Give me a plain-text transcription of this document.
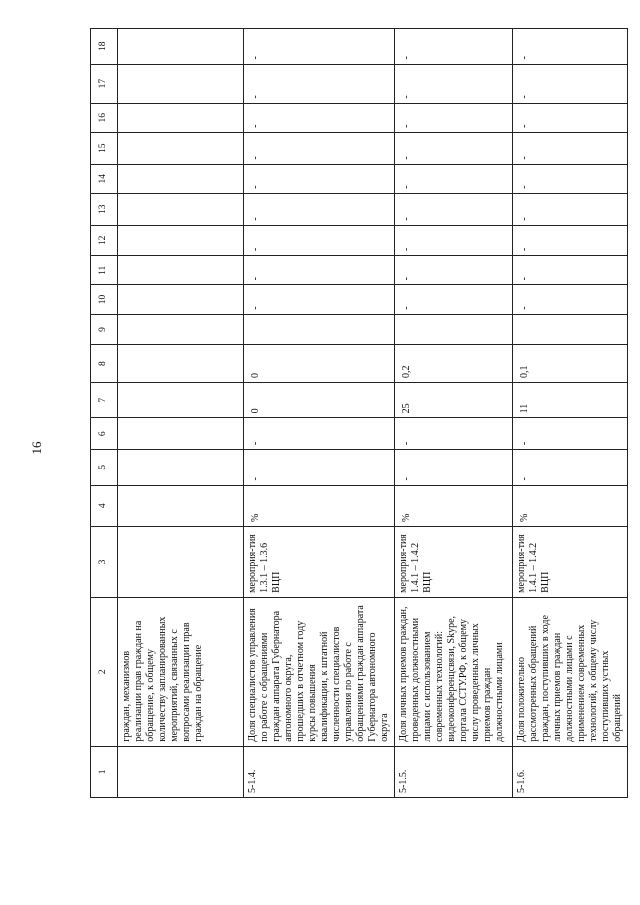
16
1	2	3	4	5	6	7	8	9	10	11	12	13	14	15	16	17	18
	граждан, механизмов реализации прав граждан на обращение, к общему количеству запланированных мероприятий, связанных с вопросами реализации прав граждан на обращение																
5-1.4.	Доля специалистов управления по работе с обращениями граждан аппарата Губернатора автономного округа, прошедших в отчетном году курсы повышения квалификации, к штатной численности специалистов управления по работе с обращениями граждан аппарата Губернатора автономного округа	мероприя-тия 1.3.1 – 1.3.6 ВЦП	%	-	-	0	0		-	-	-	-	-	-	-	-	-
5-1.5.	Доля личных приемов граждан, проведенных должностными лицами с использованием современных технологий: видеоконференцсвязи, Skype, портала ССТУ.РФ, к общему числу проведенных личных приемов граждан должностными лицами	мероприя-тия 1.4.1 – 1.4.2 ВЦП	%	-	-	25	0,2		-	-	-	-	-	-	-	-	-
5-1.6.	Доля положительно рассмотренных обращений граждан, поступивших в ходе личных приемов граждан должностными лицами с применением современных технологий, к общему числу поступивших устных обращений	мероприя-тия 1.4.1 – 1.4.2 ВЦП	%	-	-	11	0,1		-	-	-	-	-	-	-	-	-
